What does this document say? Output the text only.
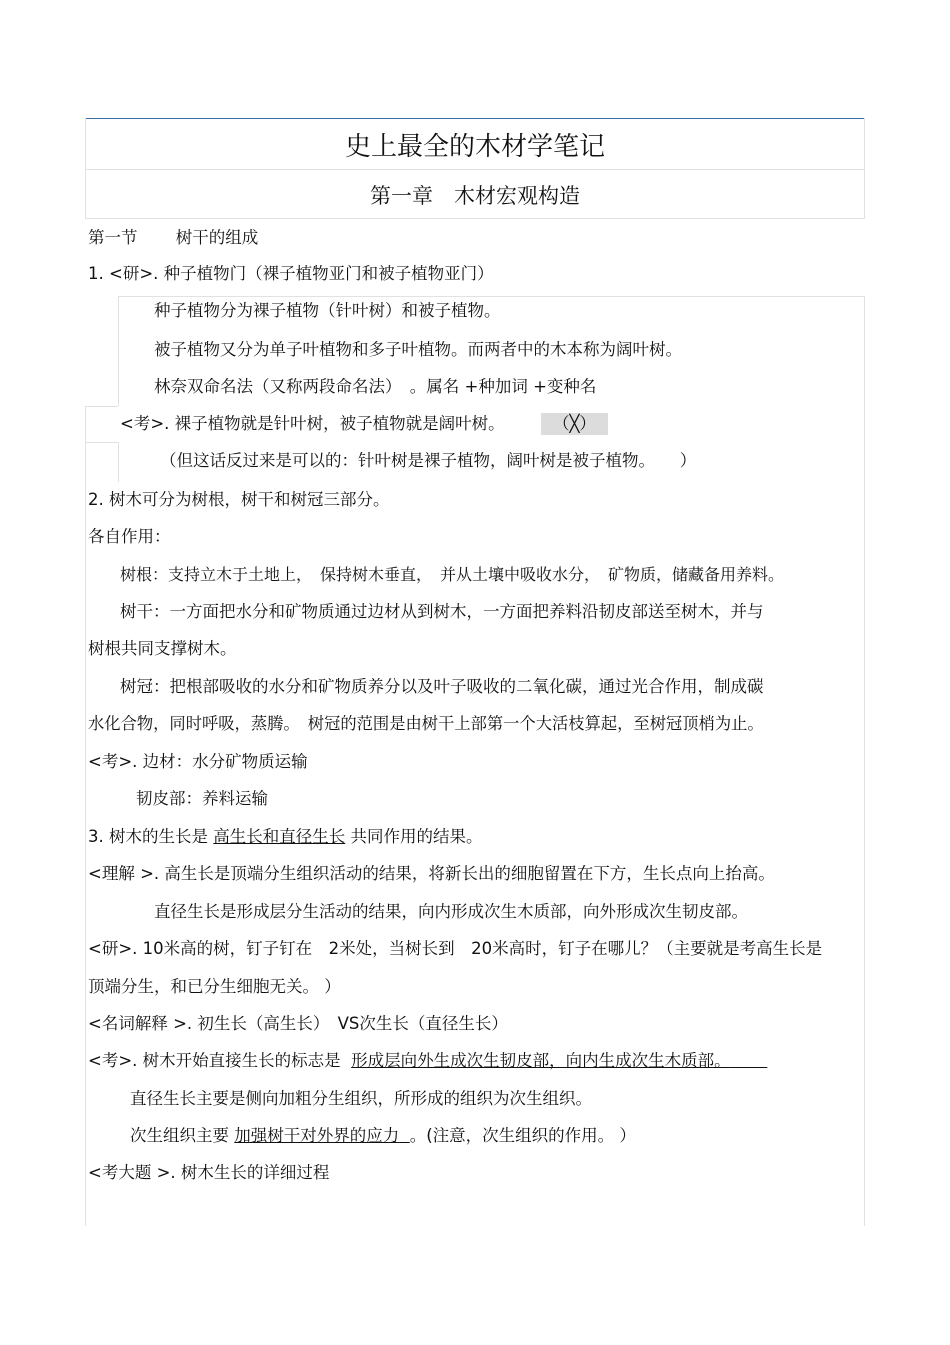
史上最全的木材学笔记
第一章　木材宏观构造
第一节　　 树干的组成
1. <研>. 种子植物门（裸子植物亚门和被子植物亚门）
种子植物分为裸子植物（针叶树）和被子植物。
被子植物又分为单子叶植物和多子叶植物。而两者中的木本称为阔叶树。
林奈双命名法（又称两段命名法）　。属名 +种加词 +变种名
<考>. 裸子植物就是针叶树，被子植物就是阔叶树。	（╳）
（但这话反过来是可以的：针叶树是裸子植物，阔叶树是被子植物。　　）
2. 树木可分为树根，树干和树冠三部分。
各自作用：
树根：支持立木于土地上，　保持树木垂直，　并从土壤中吸收水分，　矿物质，储藏备用养料。
树干：一方面把水分和矿物质通过边材从到树木，一方面把养料沿韧皮部送至树木，并与
树根共同支撑树木。
树冠：把根部吸收的水分和矿物质养分以及叶子吸收的二氧化碳，通过光合作用，制成碳
水化合物，同时呼吸，蒸腾。　树冠的范围是由树干上部第一个大活枝算起，至树冠顶梢为止。
<考>. 边材：水分矿物质运输
韧皮部：养料运输
3. 树木的生长是 高生长和直径生长 共同作用的结果。
<理解 >. 高生长是顶端分生组织活动的结果，将新长出的细胞留置在下方，生长点向上抬高。
直径生长是形成层分生活动的结果，向内形成次生木质部，向外形成次生韧皮部。
<研>. 10米高的树，钉子钉在　2米处，当树长到　20米高时，钉子在哪儿？（主要就是考高生长是
顶端分生，和已分生细胞无关。 ）
<名词解释 >. 初生长（高生长）　VS次生长（直径生长）
<考>. 树木开始直接生长的标志是 形成层向外生成次生韧皮部，向内生成次生木质部。
直径生长主要是侧向加粗分生组织，所形成的组织为次生组织。
次生组织主要 加强树干对外界的应力 。(注意，次生组织的作用。 ）
<考大题 >. 树木生长的详细过程
